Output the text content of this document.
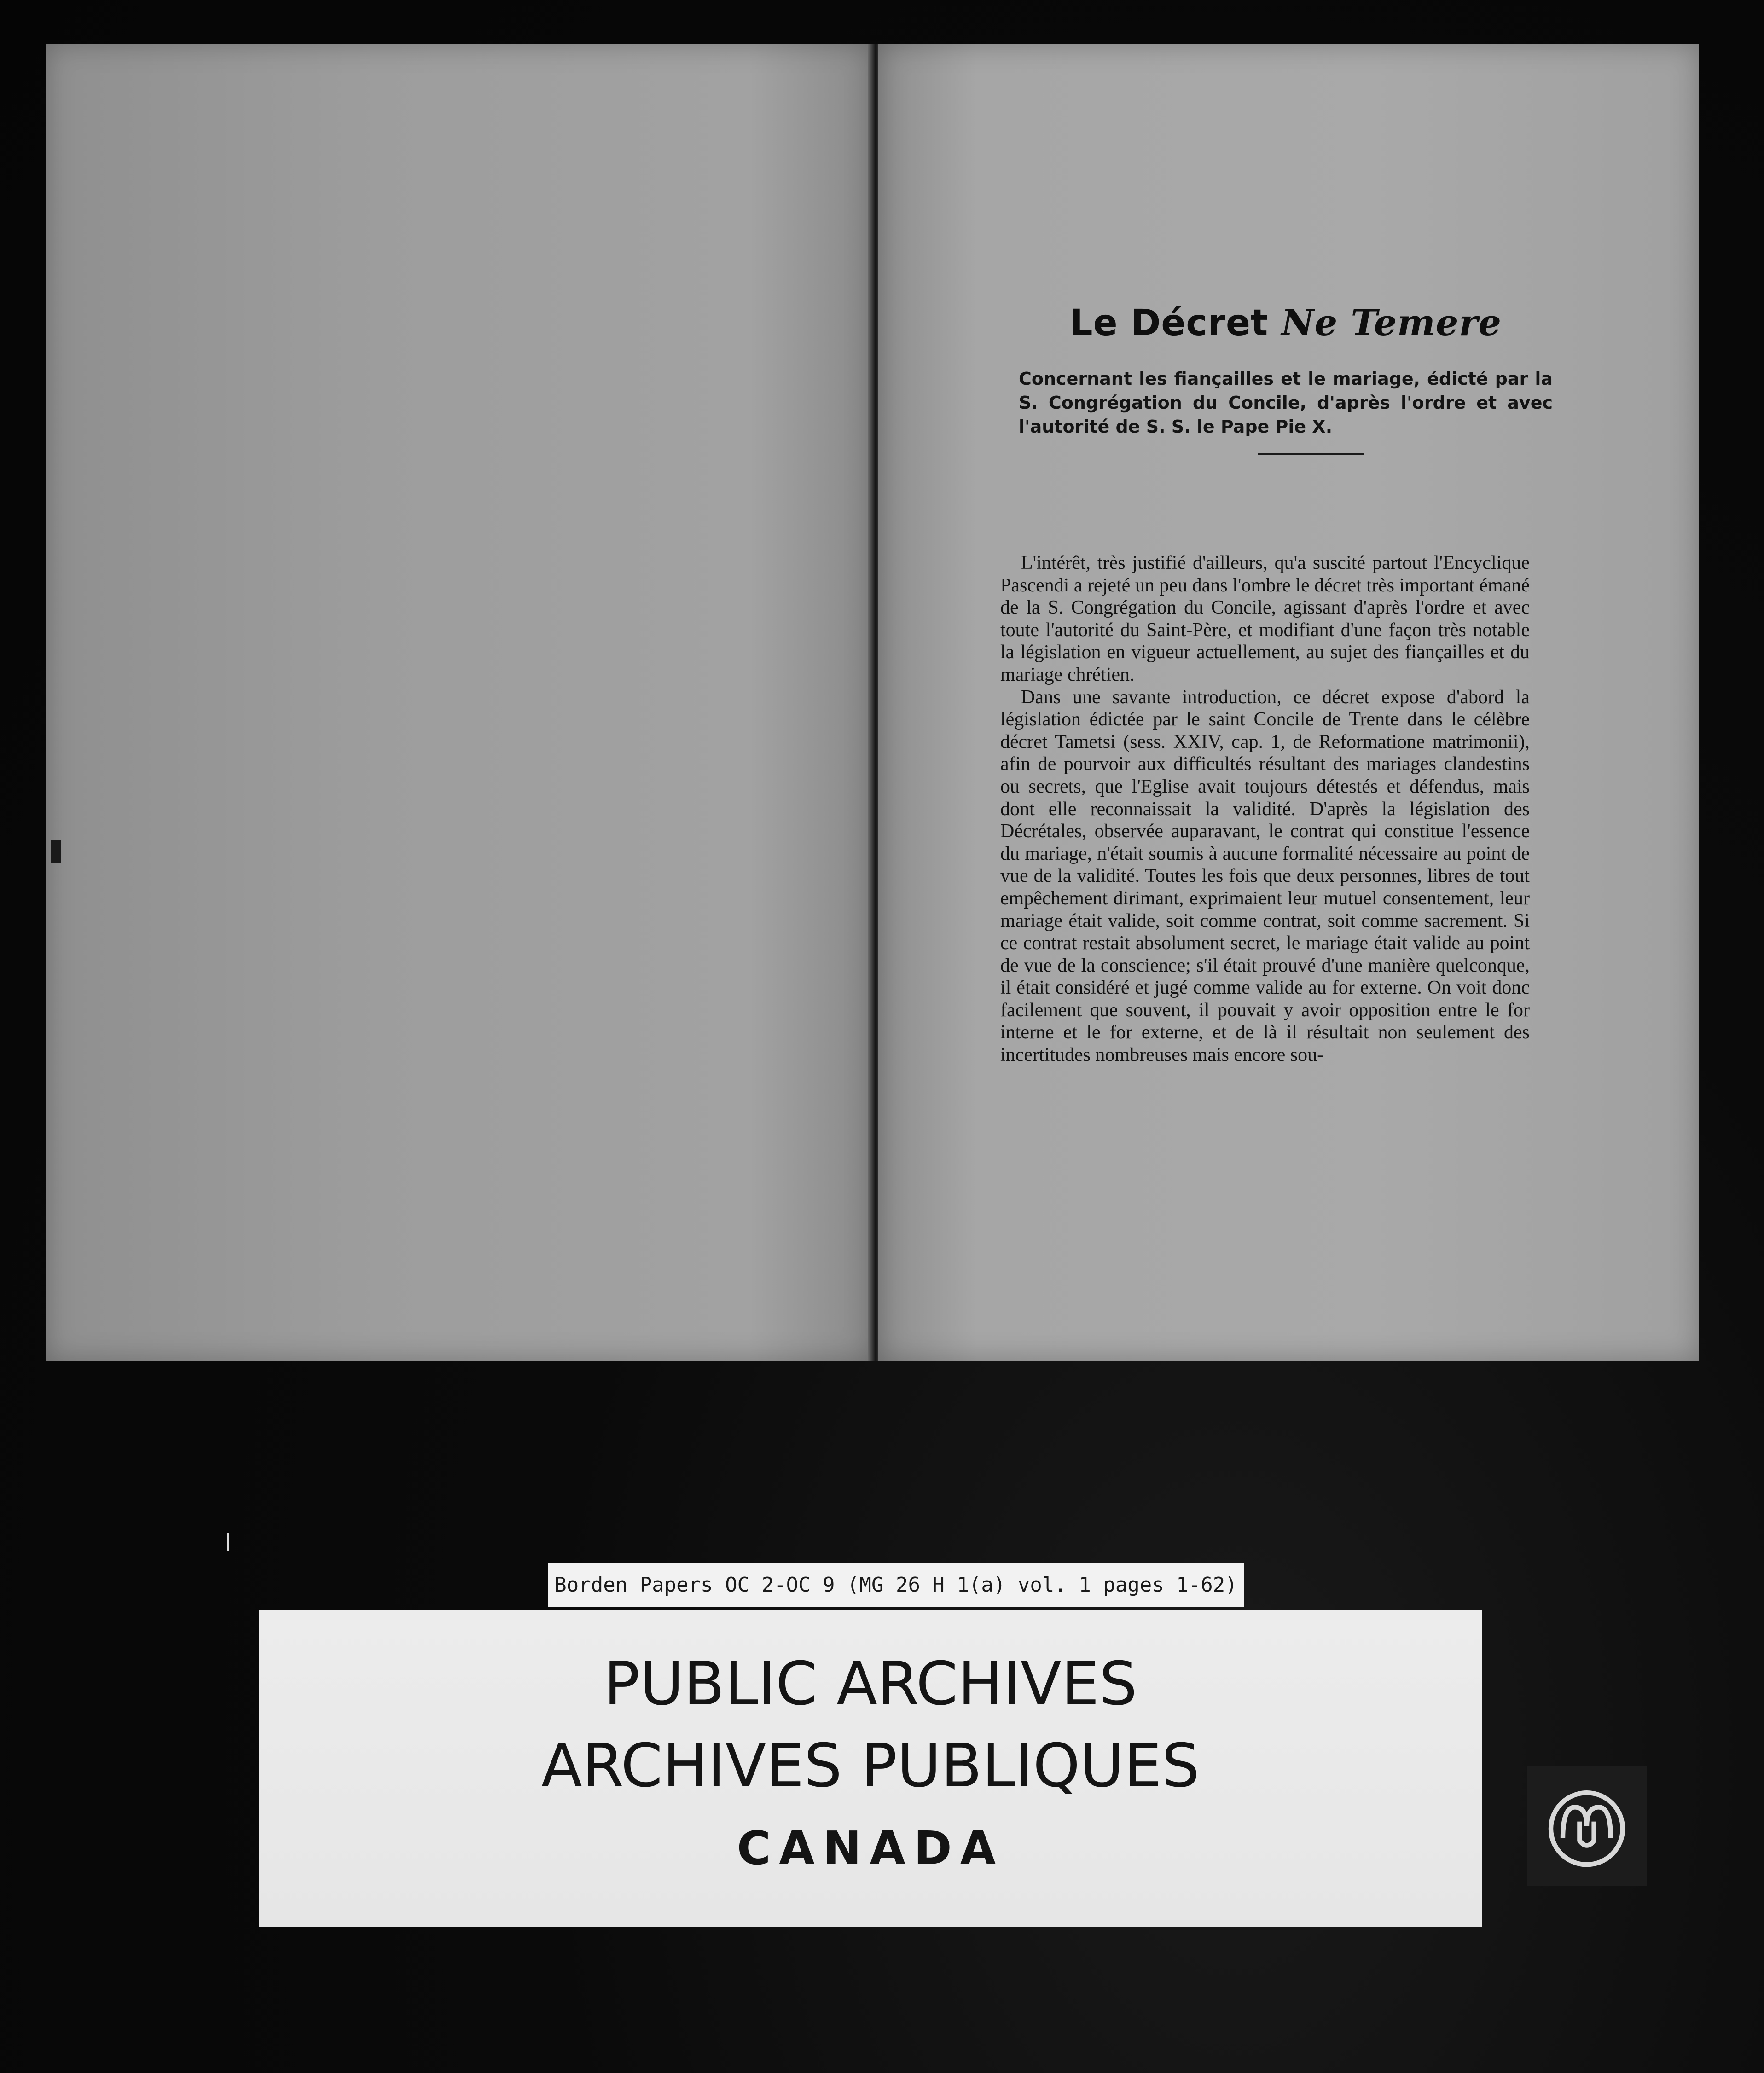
Le Décret Ne Temere
Concernant les fiançailles et le mariage, édicté par la S. Congrégation du Concile, d'après l'ordre et avec l'autorité de S. S. le Pape Pie X.

L'intérêt, très justifié d'ailleurs, qu'a suscité partout l'Encyclique Pascendi a rejeté un peu dans l'ombre le décret très important émané de la S. Congrégation du Concile, agissant d'après l'ordre et avec toute l'autorité du Saint-Père, et modifiant d'une façon très notable la législation en vigueur actuellement, au sujet des fiançailles et du mariage chrétien.

Dans une savante introduction, ce décret expose d'abord la législation édictée par le saint Concile de Trente dans le célèbre décret Tametsi (sess. XXIV, cap. 1, de Reformatione matrimonii), afin de pourvoir aux difficultés résultant des mariages clandestins ou secrets, que l'Eglise avait toujours détestés et défendus, mais dont elle reconnaissait la validité. D'après la législation des Décrétales, observée auparavant, le contrat qui constitue l'essence du mariage, n'était soumis à aucune formalité nécessaire au point de vue de la validité. Toutes les fois que deux personnes, libres de tout empêchement dirimant, exprimaient leur mutuel consentement, leur mariage était valide, soit comme contrat, soit comme sacrement. Si ce contrat restait absolument secret, le mariage était valide au point de vue de la conscience; s'il était prouvé d'une manière quelconque, il était considéré et jugé comme valide au for externe. On voit donc facilement que souvent, il pouvait y avoir opposition entre le for interne et le for externe, et de là il résultait non seulement des incertitudes nombreuses mais encore sou-

Borden Papers OC 2-OC 9 (MG 26 H 1(a) vol. 1 pages 1-62)
PUBLIC ARCHIVES
ARCHIVES PUBLIQUES
CANADA
